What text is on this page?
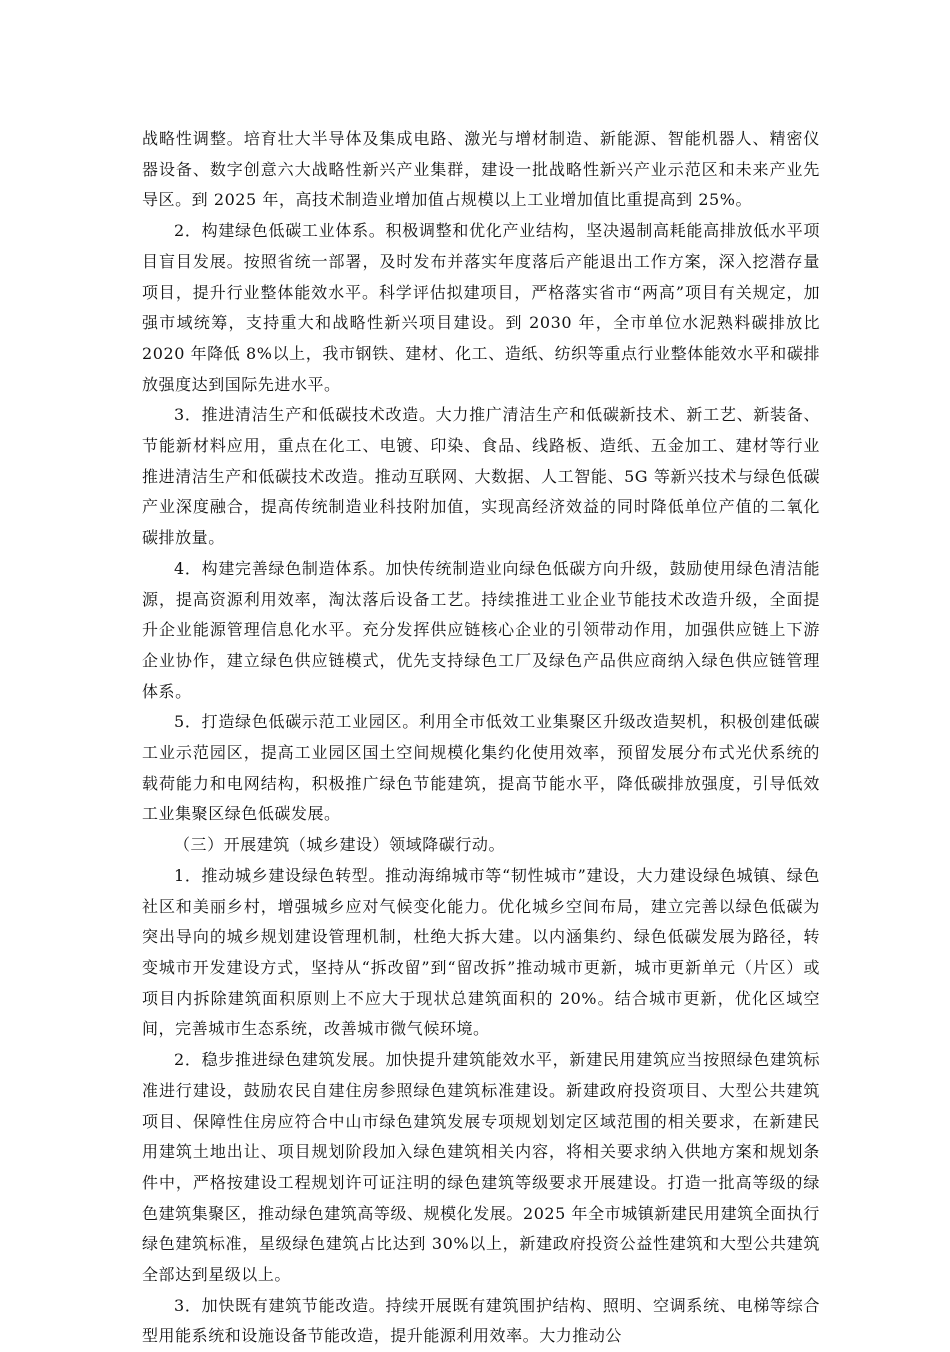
战略性调整。培育壮大半导体及集成电路、激光与增材制造、新能源、智能机器人、精密仪器设备、数字创意六大战略性新兴产业集群，建设一批战略性新兴产业示范区和未来产业先导区。到 2025 年，高技术制造业增加值占规模以上工业增加值比重提高到 25%。

2．构建绿色低碳工业体系。积极调整和优化产业结构，坚决遏制高耗能高排放低水平项目盲目发展。按照省统一部署，及时发布并落实年度落后产能退出工作方案，深入挖潜存量项目，提升行业整体能效水平。科学评估拟建项目，严格落实省市“两高”项目有关规定，加强市域统筹，支持重大和战略性新兴项目建设。到 2030 年，全市单位水泥熟料碳排放比 2020 年降低 8%以上，我市钢铁、建材、化工、造纸、纺织等重点行业整体能效水平和碳排放强度达到国际先进水平。

3．推进清洁生产和低碳技术改造。大力推广清洁生产和低碳新技术、新工艺、新装备、节能新材料应用，重点在化工、电镀、印染、食品、线路板、造纸、五金加工、建材等行业推进清洁生产和低碳技术改造。推动互联网、大数据、人工智能、5G 等新兴技术与绿色低碳产业深度融合，提高传统制造业科技附加值，实现高经济效益的同时降低单位产值的二氧化碳排放量。

4．构建完善绿色制造体系。加快传统制造业向绿色低碳方向升级，鼓励使用绿色清洁能源，提高资源利用效率，淘汰落后设备工艺。持续推进工业企业节能技术改造升级，全面提升企业能源管理信息化水平。充分发挥供应链核心企业的引领带动作用，加强供应链上下游企业协作，建立绿色供应链模式，优先支持绿色工厂及绿色产品供应商纳入绿色供应链管理体系。

5．打造绿色低碳示范工业园区。利用全市低效工业集聚区升级改造契机，积极创建低碳工业示范园区，提高工业园区国土空间规模化集约化使用效率，预留发展分布式光伏系统的载荷能力和电网结构，积极推广绿色节能建筑，提高节能水平，降低碳排放强度，引导低效工业集聚区绿色低碳发展。

（三）开展建筑（城乡建设）领域降碳行动。

1．推动城乡建设绿色转型。推动海绵城市等“韧性城市”建设，大力建设绿色城镇、绿色社区和美丽乡村，增强城乡应对气候变化能力。优化城乡空间布局，建立完善以绿色低碳为突出导向的城乡规划建设管理机制，杜绝大拆大建。以内涵集约、绿色低碳发展为路径，转变城市开发建设方式，坚持从“拆改留”到“留改拆”推动城市更新，城市更新单元（片区）或项目内拆除建筑面积原则上不应大于现状总建筑面积的 20%。结合城市更新，优化区域空间，完善城市生态系统，改善城市微气候环境。

2．稳步推进绿色建筑发展。加快提升建筑能效水平，新建民用建筑应当按照绿色建筑标准进行建设，鼓励农民自建住房参照绿色建筑标准建设。新建政府投资项目、大型公共建筑项目、保障性住房应符合中山市绿色建筑发展专项规划划定区域范围的相关要求，在新建民用建筑土地出让、项目规划阶段加入绿色建筑相关内容，将相关要求纳入供地方案和规划条件中，严格按建设工程规划许可证注明的绿色建筑等级要求开展建设。打造一批高等级的绿色建筑集聚区，推动绿色建筑高等级、规模化发展。2025 年全市城镇新建民用建筑全面执行绿色建筑标准，星级绿色建筑占比达到 30%以上，新建政府投资公益性建筑和大型公共建筑全部达到星级以上。

3．加快既有建筑节能改造。持续开展既有建筑围护结构、照明、空调系统、电梯等综合型用能系统和设施设备节能改造，提升能源利用效率。大力推动公
